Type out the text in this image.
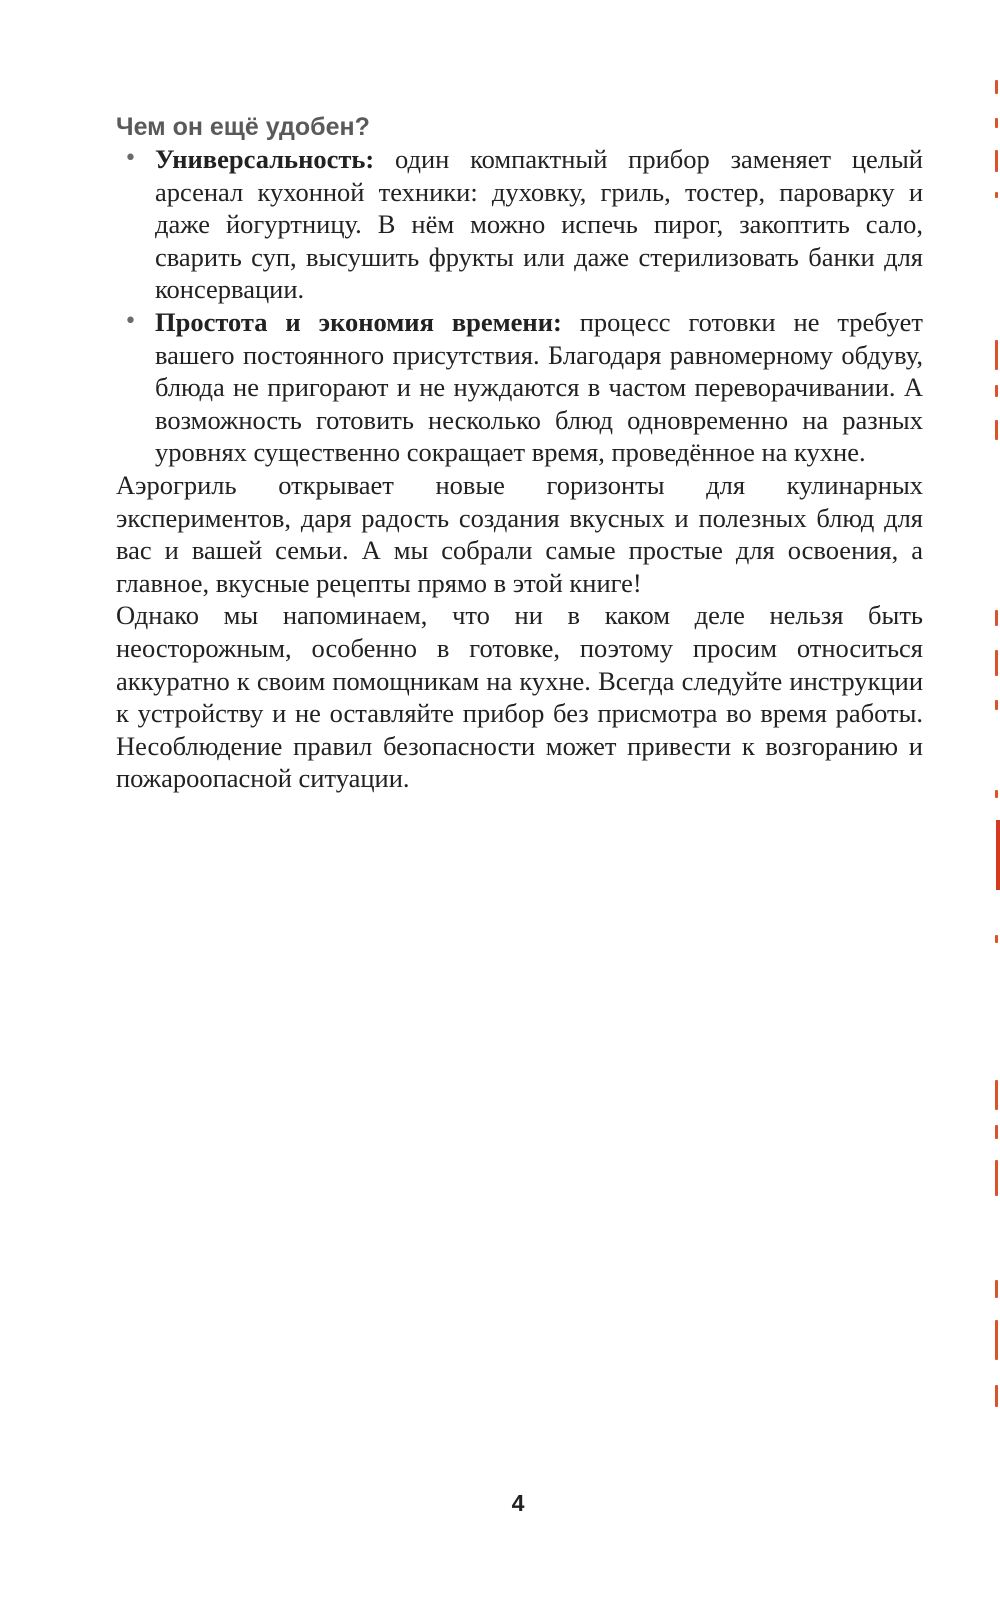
Чем он ещё удобен?
• Универсальность: один компактный прибор заменяет целый арсенал кухонной техники: духовку, гриль, тостер, пароварку и даже йогуртницу. В нём можно испечь пирог, закоптить сало, сварить суп, высушить фрукты или даже стерилизовать банки для консервации.
• Простота и экономия времени: процесс готовки не требует вашего постоянного присутствия. Благодаря равномерному обдуву, блюда не пригорают и не нуждаются в частом переворачивании. А возможность готовить несколько блюд одновременно на разных уровнях существенно сокращает время, проведённое на кухне.

Аэрогриль открывает новые горизонты для кулинарных экспериментов, даря радость создания вкусных и полезных блюд для вас и вашей семьи. А мы собрали самые простые для освоения, а главное, вкусные рецепты прямо в этой книге!

Однако мы напоминаем, что ни в каком деле нельзя быть неосторожным, особенно в готовке, поэтому просим относиться аккуратно к своим помощникам на кухне. Всегда следуйте инструкции к устройству и не оставляйте прибор без присмотра во время работы. Несоблюдение правил безопасности может привести к возгоранию и пожароопасной ситуации.

4
